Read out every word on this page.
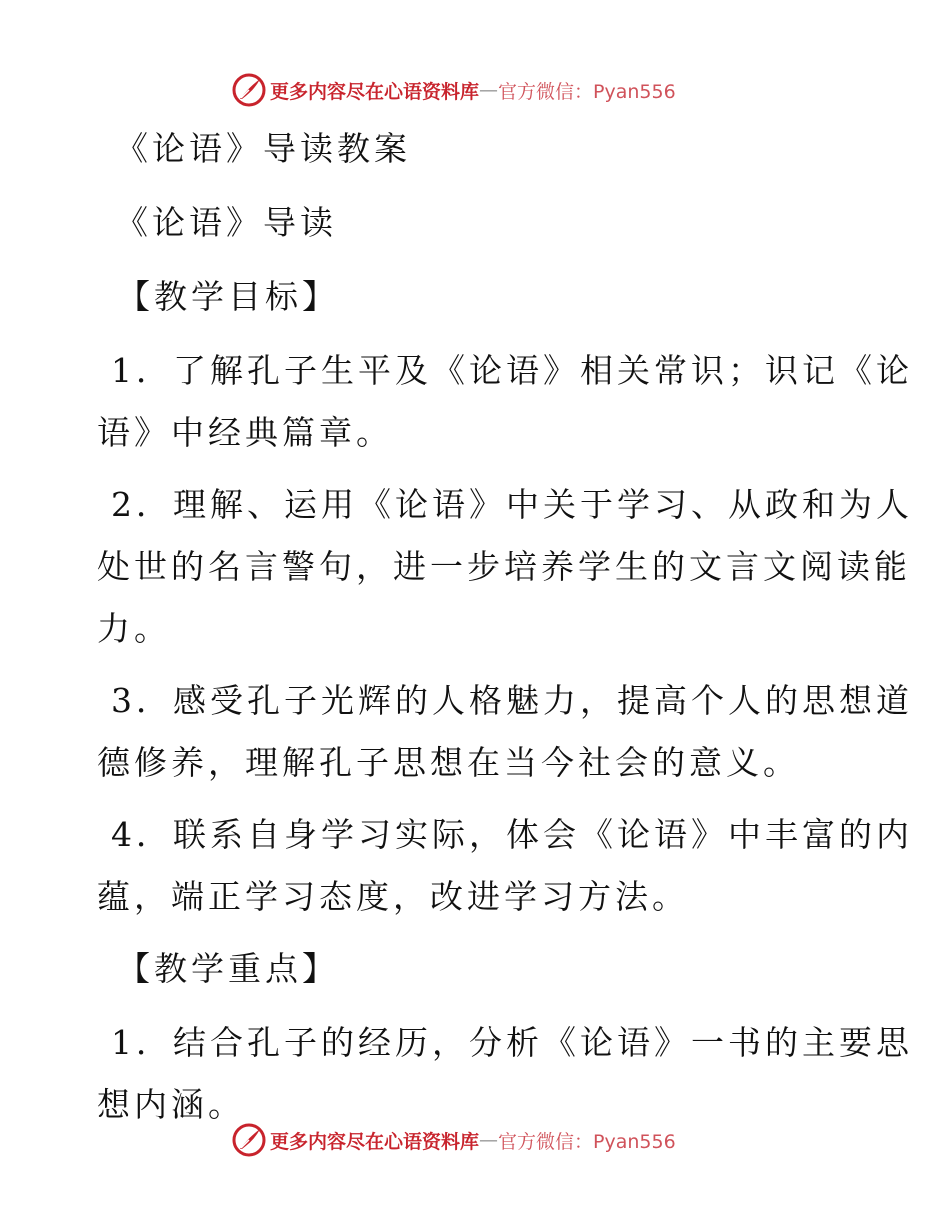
更多内容尽在心语资料库 — 官方微信：Pyan556
《论语》导读教案
《论语》导读
【教学目标】
1．了解孔子生平及《论语》相关常识；识记《论
语》中经典篇章。
2．理解、运用《论语》中关于学习、从政和为人
处世的名言警句，进一步培养学生的文言文阅读能
力。
3．感受孔子光辉的人格魅力，提高个人的思想道
德修养，理解孔子思想在当今社会的意义。
4．联系自身学习实际，体会《论语》中丰富的内
蕴，端正学习态度，改进学习方法。
【教学重点】
1．结合孔子的经历，分析《论语》一书的主要思
想内涵。
更多内容尽在心语资料库 — 官方微信：Pyan556
